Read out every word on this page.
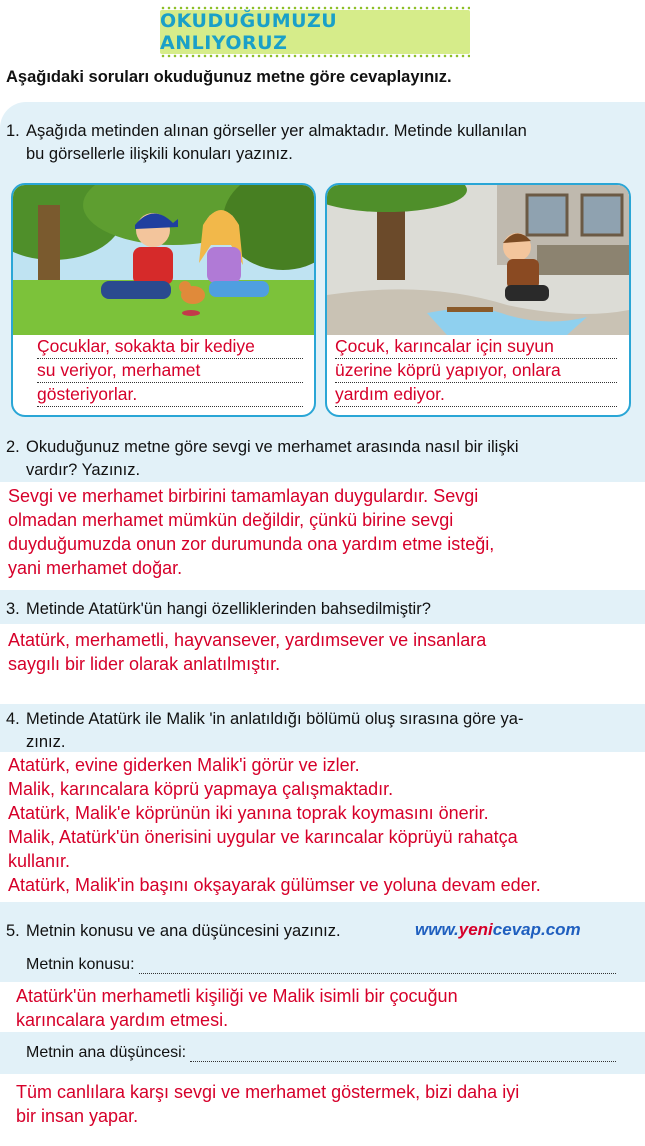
OKUDUĞUMUZU ANLIYORUZ
Aşağıdaki soruları okuduğunuz metne göre cevaplayınız.
1. Aşağıda metinden alınan görseller yer almaktadır. Metinde kullanılan
bu görsellerle ilişkili konuları yazınız.
Çocuklar, sokakta bir kediye
su veriyor, merhamet
gösteriyorlar.
Çocuk, karıncalar için suyun
üzerine köprü yapıyor, onlara
yardım ediyor.
2. Okuduğunuz metne göre sevgi ve merhamet arasında nasıl bir ilişki
vardır? Yazınız.
Sevgi ve merhamet birbirini tamamlayan duygulardır. Sevgi
olmadan merhamet mümkün değildir, çünkü birine sevgi
duyduğumuzda onun zor durumunda ona yardım etme isteği,
yani merhamet doğar.
3. Metinde Atatürk'ün hangi özelliklerinden bahsedilmiştir?
Atatürk, merhametli, hayvansever, yardımsever ve insanlara
saygılı bir lider olarak anlatılmıştır.
4. Metinde Atatürk ile Malik 'in anlatıldığı bölümü oluş sırasına göre ya-
zınız.
Atatürk, evine giderken Malik'i görür ve izler.
Malik, karıncalara köprü yapmaya çalışmaktadır.
Atatürk, Malik'e köprünün iki yanına toprak koymasını önerir.
Malik, Atatürk'ün önerisini uygular ve karıncalar köprüyü rahatça
kullanır.
Atatürk, Malik'in başını okşayarak gülümser ve yoluna devam eder.
5. Metnin konusu ve ana düşüncesini yazınız.	www.yenicevap.com
Metnin konusu:
Atatürk'ün merhametli kişiliği ve Malik isimli bir çocuğun
karıncalara yardım etmesi.
Metnin ana düşüncesi:
Tüm canlılara karşı sevgi ve merhamet göstermek, bizi daha iyi
bir insan yapar.
